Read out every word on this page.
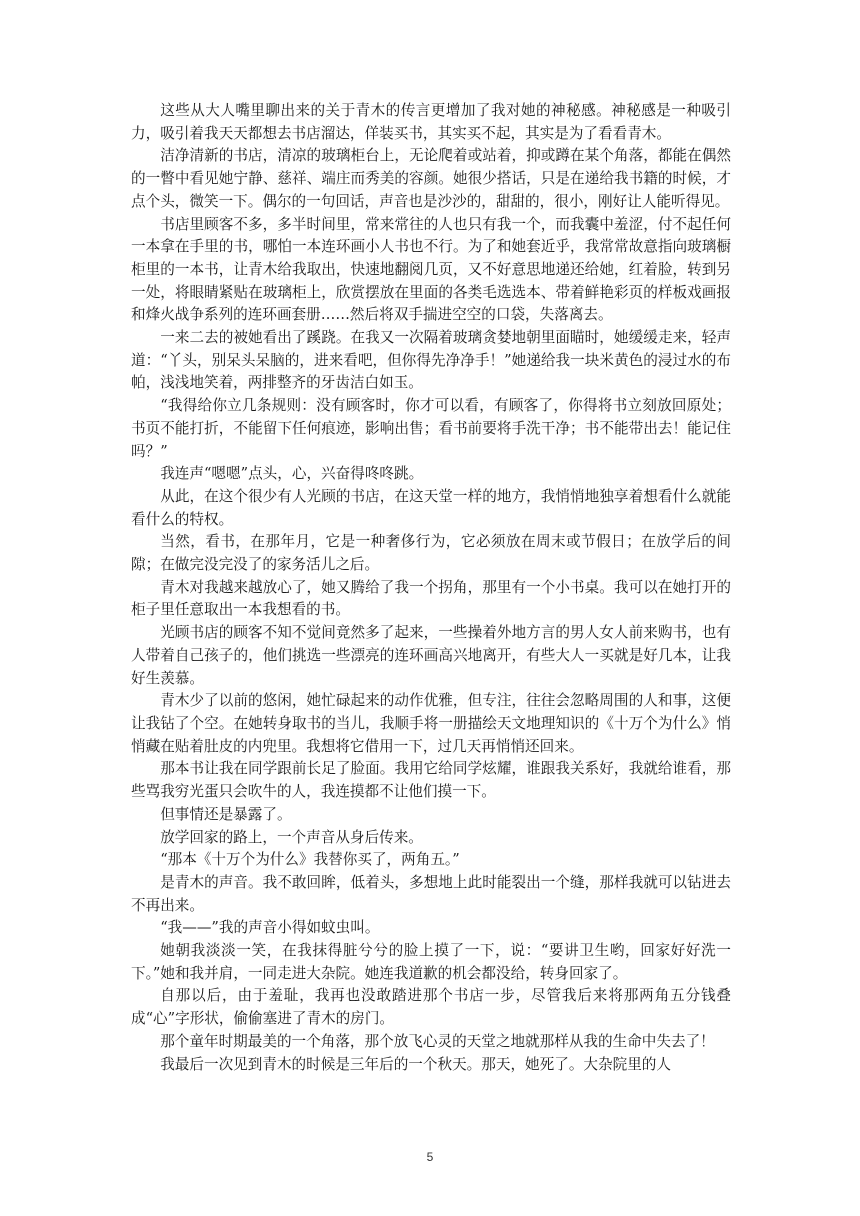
这些从大人嘴里聊出来的关于青木的传言更增加了我对她的神秘感。神秘感是一种吸引力，吸引着我天天都想去书店溜达，佯装买书，其实买不起，其实是为了看看青木。

洁净清新的书店，清凉的玻璃柜台上，无论爬着或站着，抑或蹲在某个角落，都能在偶然的一瞥中看见她宁静、慈祥、端庄而秀美的容颜。她很少搭话，只是在递给我书籍的时候，才点个头，微笑一下。偶尔的一句回话，声音也是沙沙的，甜甜的，很小，刚好让人能听得见。

书店里顾客不多，多半时间里，常来常往的人也只有我一个，而我囊中羞涩，付不起任何一本拿在手里的书，哪怕一本连环画小人书也不行。为了和她套近乎，我常常故意指向玻璃橱柜里的一本书，让青木给我取出，快速地翻阅几页，又不好意思地递还给她，红着脸，转到另一处，将眼睛紧贴在玻璃柜上，欣赏摆放在里面的各类毛选选本、带着鲜艳彩页的样板戏画报和烽火战争系列的连环画套册……然后将双手揣进空空的口袋，失落离去。

一来二去的被她看出了蹊跷。在我又一次隔着玻璃贪婪地朝里面瞄时，她缓缓走来，轻声道：“丫头，别呆头呆脑的，进来看吧，但你得先净净手！”她递给我一块米黄色的浸过水的布帕，浅浅地笑着，两排整齐的牙齿洁白如玉。

“我得给你立几条规则：没有顾客时，你才可以看，有顾客了，你得将书立刻放回原处；书页不能打折，不能留下任何痕迹，影响出售；看书前要将手洗干净；书不能带出去！能记住吗？”

我连声“嗯嗯”点头，心，兴奋得咚咚跳。

从此，在这个很少有人光顾的书店，在这天堂一样的地方，我悄悄地独享着想看什么就能看什么的特权。

当然，看书，在那年月，它是一种奢侈行为，它必须放在周末或节假日；在放学后的间隙；在做完没完没了的家务活儿之后。

青木对我越来越放心了，她又腾给了我一个拐角，那里有一个小书桌。我可以在她打开的柜子里任意取出一本我想看的书。

光顾书店的顾客不知不觉间竟然多了起来，一些操着外地方言的男人女人前来购书，也有人带着自己孩子的，他们挑选一些漂亮的连环画高兴地离开，有些大人一买就是好几本，让我好生羡慕。

青木少了以前的悠闲，她忙碌起来的动作优雅，但专注，往往会忽略周围的人和事，这便让我钻了个空。在她转身取书的当儿，我顺手将一册描绘天文地理知识的《十万个为什么》悄悄藏在贴着肚皮的内兜里。我想将它借用一下，过几天再悄悄还回来。

那本书让我在同学跟前长足了脸面。我用它给同学炫耀，谁跟我关系好，我就给谁看，那些骂我穷光蛋只会吹牛的人，我连摸都不让他们摸一下。

但事情还是暴露了。

放学回家的路上，一个声音从身后传来。

“那本《十万个为什么》我替你买了，两角五。”

是青木的声音。我不敢回眸，低着头，多想地上此时能裂出一个缝，那样我就可以钻进去不再出来。

“我——”我的声音小得如蚊虫叫。

她朝我淡淡一笑，在我抹得脏兮兮的脸上摸了一下，说：“要讲卫生哟，回家好好洗一下。”她和我并肩，一同走进大杂院。她连我道歉的机会都没给，转身回家了。

自那以后，由于羞耻，我再也没敢踏进那个书店一步，尽管我后来将那两角五分钱叠成“心”字形状，偷偷塞进了青木的房门。

那个童年时期最美的一个角落，那个放飞心灵的天堂之地就那样从我的生命中失去了！

我最后一次见到青木的时候是三年后的一个秋天。那天，她死了。大杂院里的人

5
